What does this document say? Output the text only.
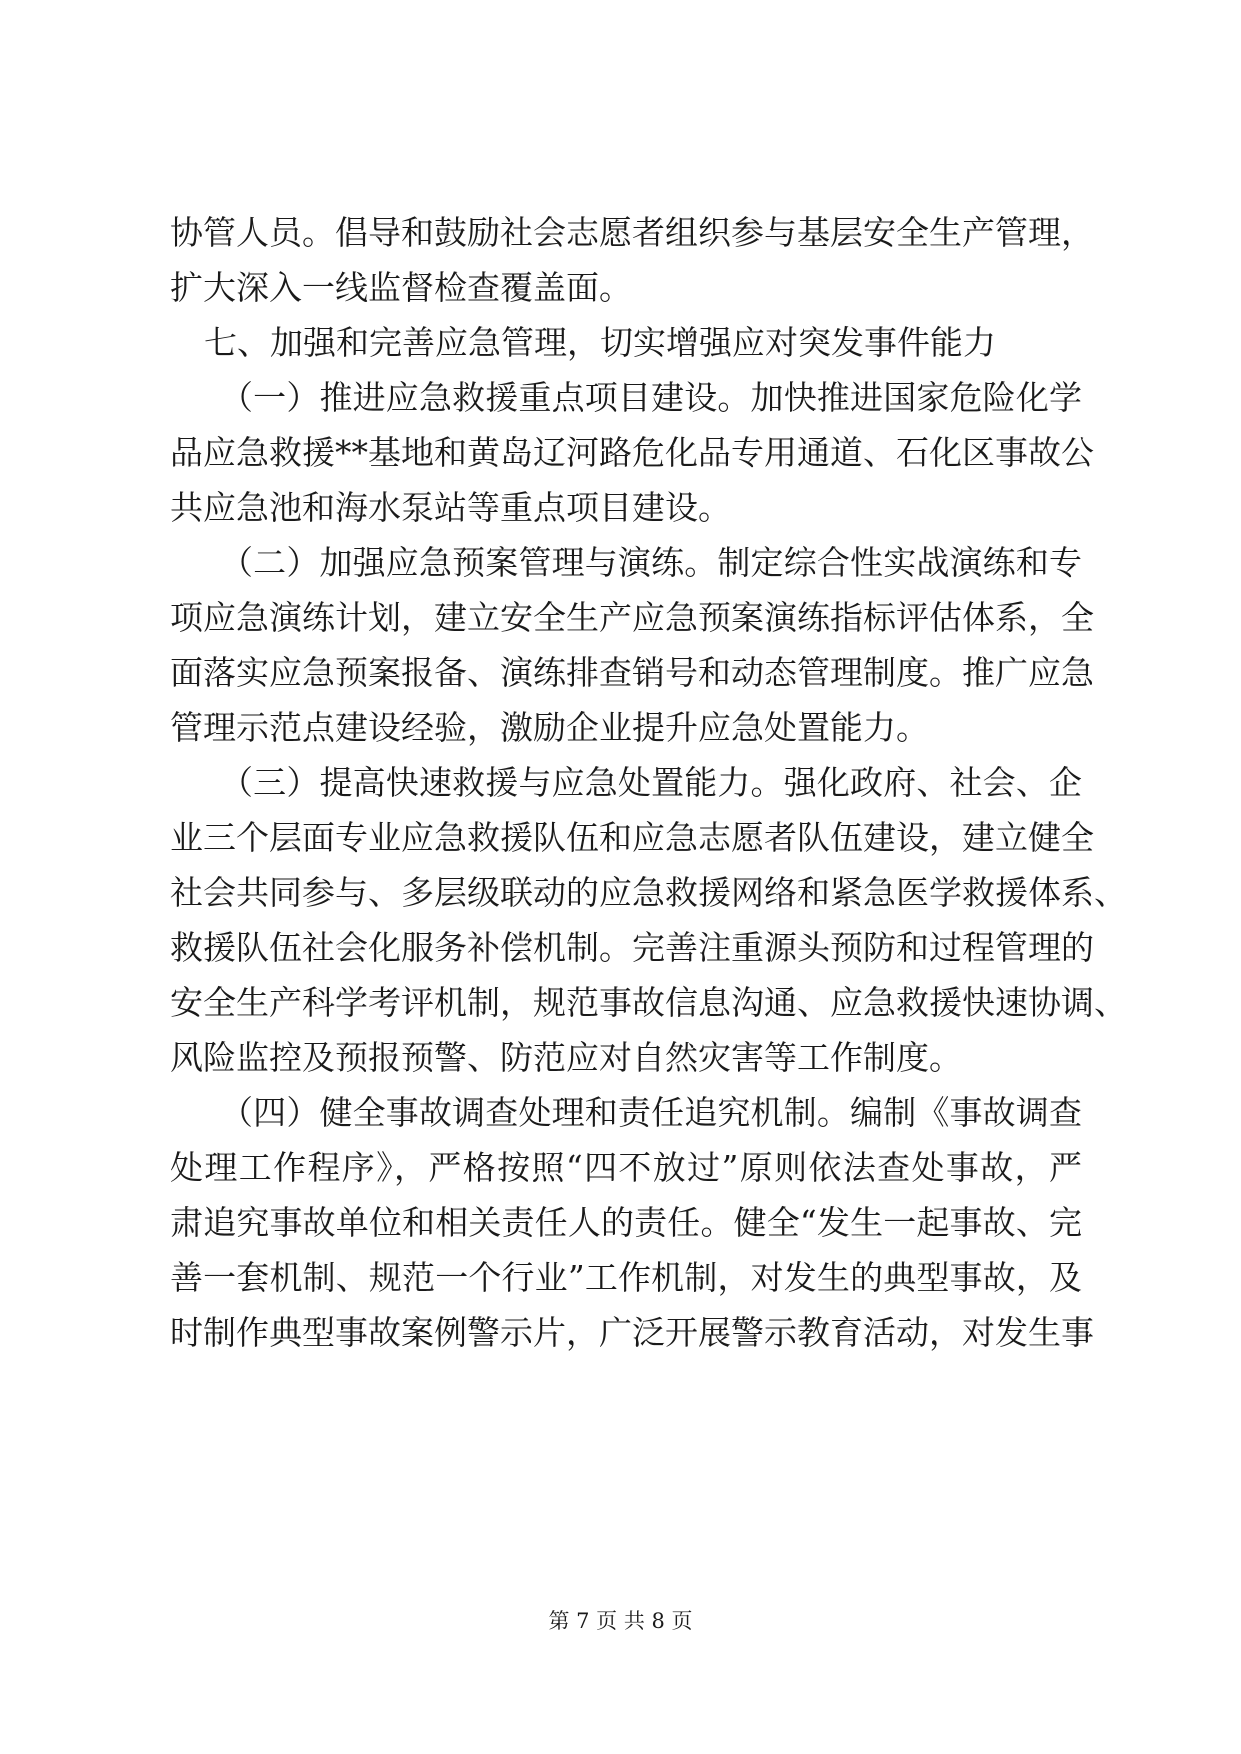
协管人员。倡导和鼓励社会志愿者组织参与基层安全生产管理，
扩大深入一线监督检查覆盖面。
七、加强和完善应急管理，切实增强应对突发事件能力
（一）推进应急救援重点项目建设。加快推进国家危险化学
品应急救援**基地和黄岛辽河路危化品专用通道、石化区事故公
共应急池和海水泵站等重点项目建设。
（二）加强应急预案管理与演练。制定综合性实战演练和专
项应急演练计划，建立安全生产应急预案演练指标评估体系，全
面落实应急预案报备、演练排查销号和动态管理制度。推广应急
管理示范点建设经验，激励企业提升应急处置能力。
（三）提高快速救援与应急处置能力。强化政府、社会、企
业三个层面专业应急救援队伍和应急志愿者队伍建设，建立健全
社会共同参与、多层级联动的应急救援网络和紧急医学救援体系、
救援队伍社会化服务补偿机制。完善注重源头预防和过程管理的
安全生产科学考评机制，规范事故信息沟通、应急救援快速协调、
风险监控及预报预警、防范应对自然灾害等工作制度。
（四）健全事故调查处理和责任追究机制。编制《事故调查
处理工作程序》，严格按照“四不放过”原则依法查处事故，严
肃追究事故单位和相关责任人的责任。健全“发生一起事故、完
善一套机制、规范一个行业”工作机制，对发生的典型事故，及
时制作典型事故案例警示片，广泛开展警示教育活动，对发生事
第 7 页 共 8 页
